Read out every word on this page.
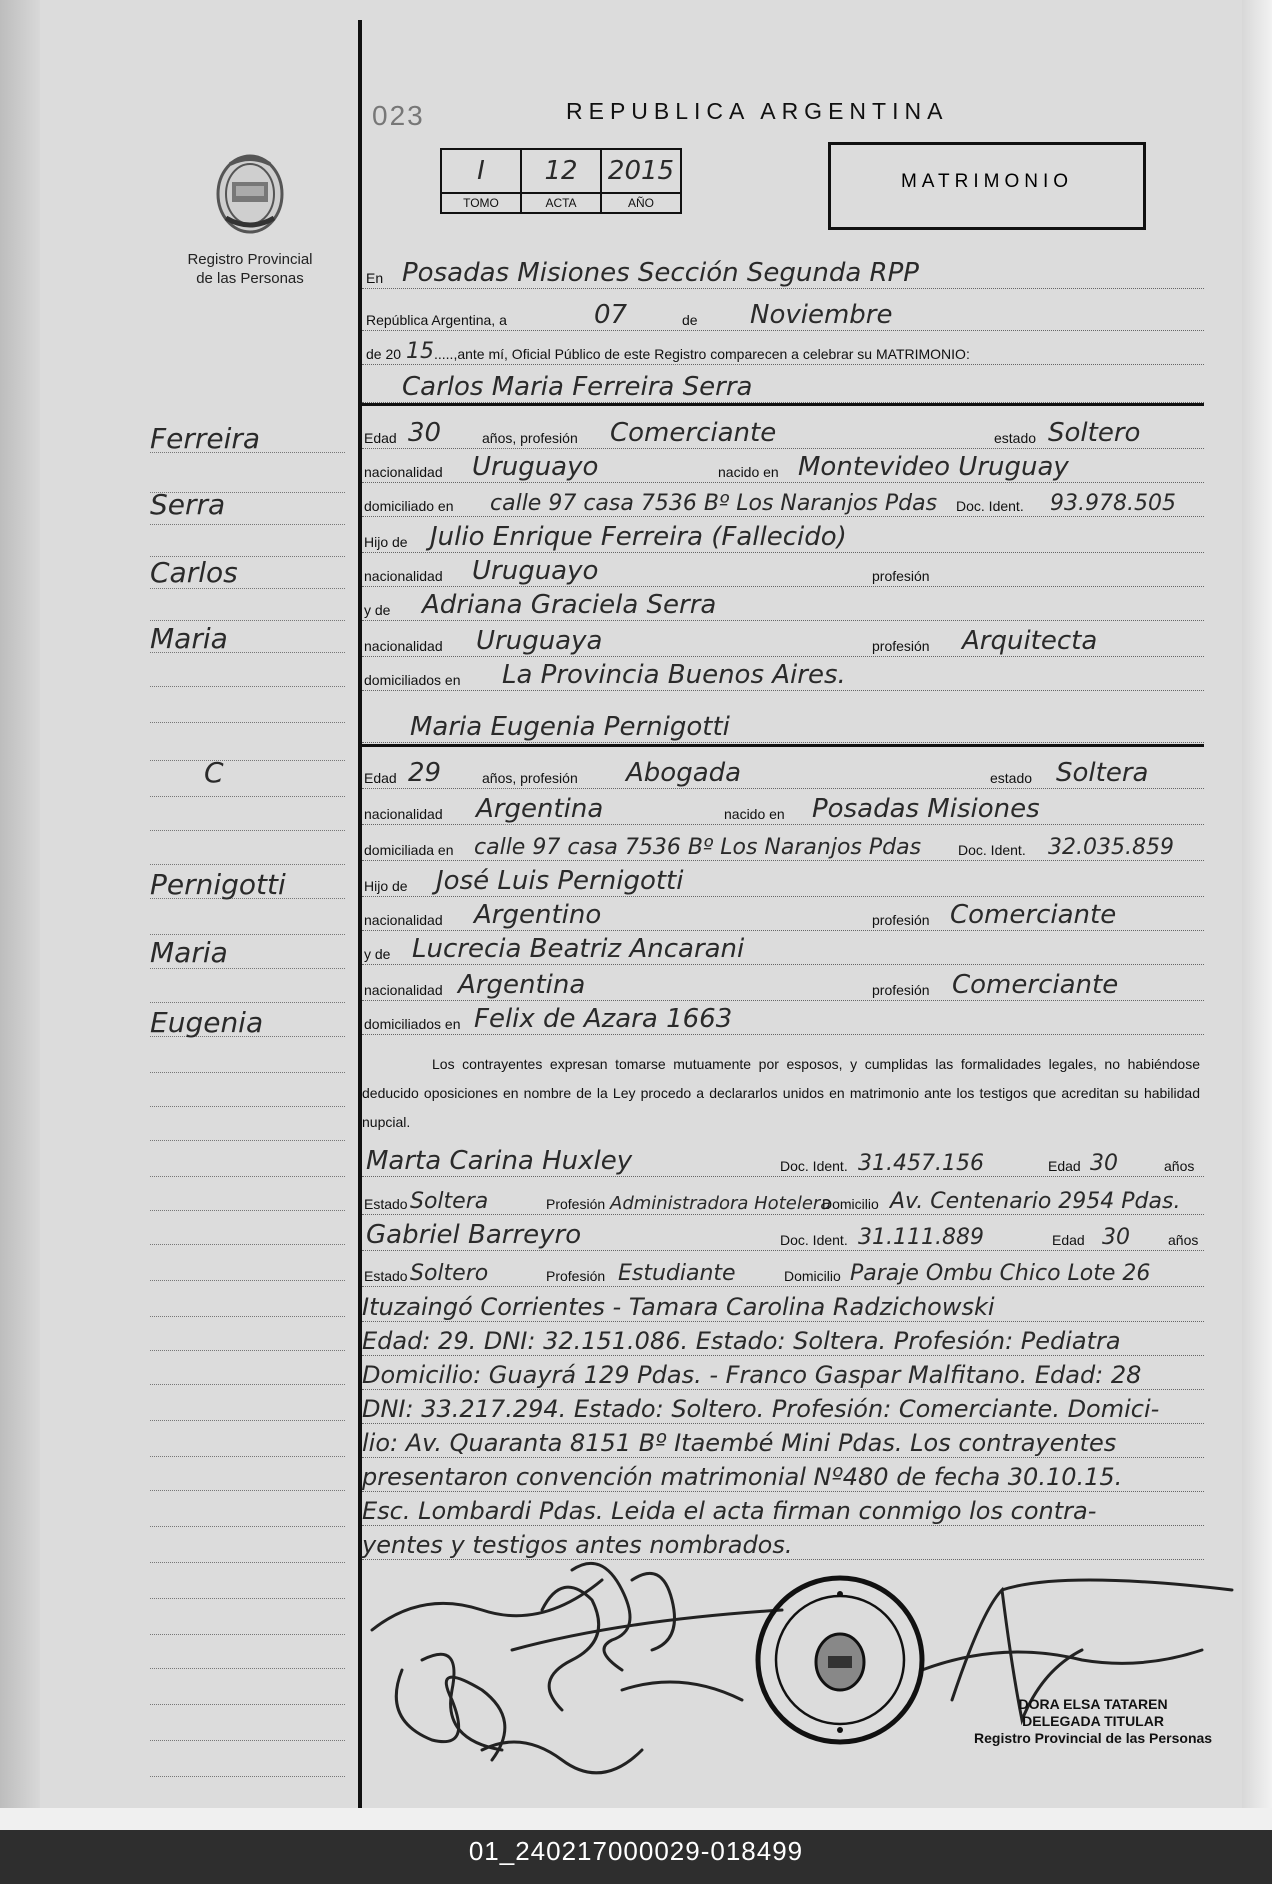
Registro Provincial
de las Personas
Ferreira
Serra
Carlos
Maria
C
Pernigotti
Maria
Eugenia
023	REPUBLICA ARGENTINA
I	12	2015
TOMO	ACTA	AÑO
MATRIMONIO
En Posadas Misiones Sección Segunda RPP
República Argentina, a	07	de Noviembre
de 20 15 .....,ante mí, Oficial Público de este Registro comparecen a celebrar su MATRIMONIO:
Carlos Maria Ferreira Serra
Edad 30	años, profesión Comerciante	estado Soltero
nacionalidad Uruguayo	nacido en Montevideo Uruguay
domiciliado en calle 97 casa 7536 Bº Los Naranjos Pdas Doc. Ident. 93.978.505
Hijo de Julio Enrique Ferreira (Fallecido)
nacionalidad Uruguayo	profesión
y de Adriana Graciela Serra
nacionalidad Uruguaya	profesión Arquitecta
domiciliados en La Provincia Buenos Aires.
Maria Eugenia Pernigotti
Edad 29	años, profesión Abogada	estado Soltera
nacionalidad Argentina	nacido en Posadas Misiones
domiciliada en calle 97 casa 7536 Bº Los Naranjos Pdas	Doc. Ident. 32.035.859
Hijo de José Luis Pernigotti
nacionalidad Argentino	profesión Comerciante
y de Lucrecia Beatriz Ancarani
nacionalidad Argentina	profesión Comerciante
domiciliados en Felix de Azara 1663
Los contrayentes expresan tomarse mutuamente por esposos, y cumplidas las formalidades legales, no habiéndose deducido oposiciones en nombre de la Ley procedo a declararlos unidos en matrimonio ante los testigos que acreditan su habilidad nupcial.
Marta Carina Huxley	Doc. Ident. 31.457.156	Edad 30	años
Estado Soltera	Profesión Administradora Hotelera
Domicilio Av. Centenario 2954 Pdas.
Gabriel Barreyro	Doc. Ident. 31.111.889	Edad 30	años
Estado Soltero	Profesión Estudiante	Domicilio Paraje Ombu Chico Lote 26
Ituzaingó Corrientes - Tamara Carolina Radzichowski
Edad: 29. DNI: 32.151.086. Estado: Soltera. Profesión: Pediatra
Domicilio: Guayrá 129 Pdas. - Franco Gaspar Malfitano. Edad: 28
DNI: 33.217.294. Estado: Soltero. Profesión: Comerciante. Domici-
lio: Av. Quaranta 8151 Bº Itaembé Mini Pdas. Los contrayentes
presentaron convención matrimonial Nº480 de fecha 30.10.15.
Esc. Lombardi Pdas. Leida el acta firman conmigo los contra-
yentes y testigos antes nombrados.
DORA ELSA TATAREN
DELEGADA TITULAR
Registro Provincial de las Personas
01_240217000029-018499
